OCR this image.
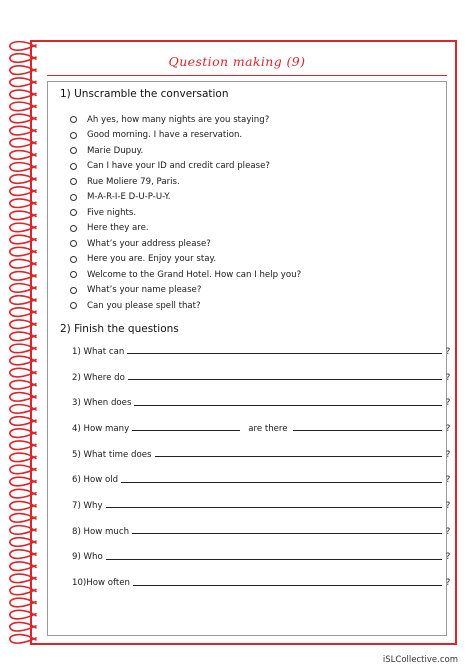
Question making (9)
1) Unscramble the conversation
Ah yes, how many nights are you staying?
Good morning. I have a reservation.
Marie Dupuy.
Can I have your ID and credit card please?
Rue Moliere 79, Paris.
M-A-R-I-E D-U-P-U-Y.
Five nights.
Here they are.
What’s your address please?
Here you are. Enjoy your stay.
Welcome to the Grand Hotel. How can I help you?
What’s your name please?
Can you please spell that?
2) Finish the questions
1) What can	?
2) Where do	?
3) When does	?
4) How many	are there	?
5) What time does	?
6) How old	?
7) Why	?
8) How much	?
9) Who	?
10)How often	?
iSLCollective.com
